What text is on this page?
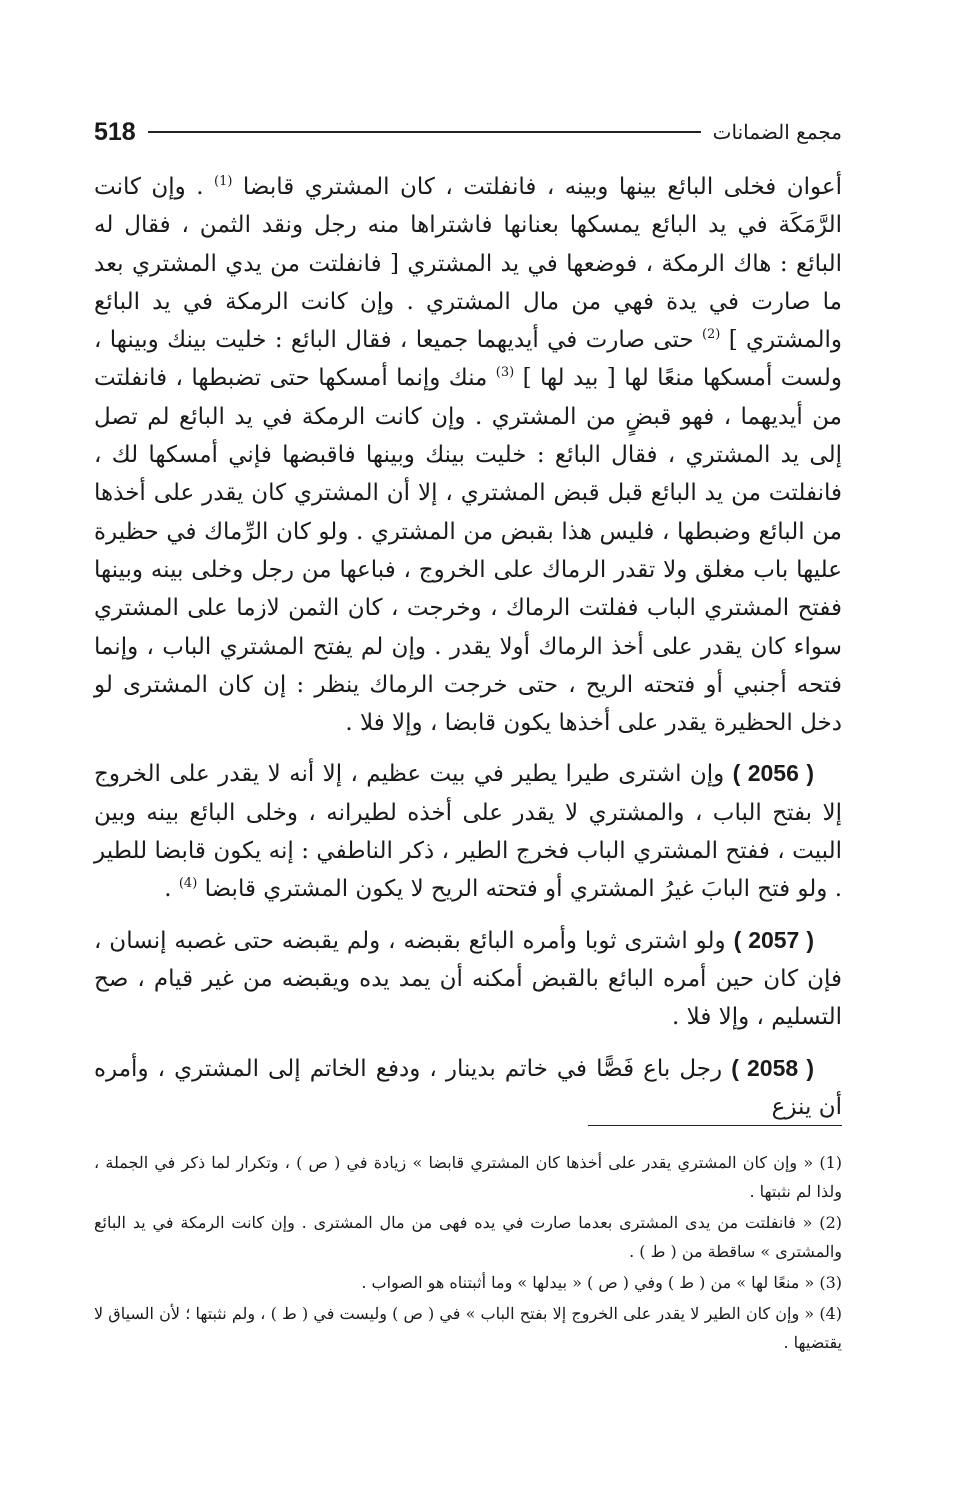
518	مجمع الضمانات

أعوان فخلى البائع بينها وبينه ، فانفلتت ، كان المشتري قابضا $^{(1)}$ . وإن كانت الرَّمَكَة في يد البائع يمسكها بعنانها فاشتراها منه رجل ونقد الثمن ، فقال له البائع : هاك الرمكة ، فوضعها في يد المشتري [ فانفلتت من يدي المشتري بعد ما صارت في يدة فهي من مال المشتري . وإن كانت الرمكة في يد البائع والمشتري ] $^{(2)}$ حتى صارت في أيديهما جميعا ، فقال البائع : خليت بينك وبينها ، ولست أمسكها منعًا لها [ بيد لها ] $^{(3)}$ منك وإنما أمسكها حتى تضبطها ، فانفلتت من أيديهما ، فهو قبضٍ من المشتري . وإن كانت الرمكة في يد البائع لم تصل إلى يد المشتري ، فقال البائع : خليت بينك وبينها فاقبضها فإني أمسكها لك ، فانفلتت من يد البائع قبل قبض المشتري ، إلا أن المشتري كان يقدر على أخذها من البائع وضبطها ، فليس هذا بقبض من المشتري . ولو كان الرِّماك في حظيرة عليها باب مغلق ولا تقدر الرماك على الخروج ، فباعها من رجل وخلى بينه وبينها ففتح المشتري الباب ففلتت الرماك ، وخرجت ، كان الثمن لازما على المشتري سواء كان يقدر على أخذ الرماك أولا يقدر . وإن لم يفتح المشتري الباب ، وإنما فتحه أجنبي أو فتحته الريح ، حتى خرجت الرماك ينظر : إن كان المشترى لو دخل الحظيرة يقدر على أخذها يكون قابضا ، وإلا فلا .

( 2056 ) وإن اشترى طيرا يطير في بيت عظيم ، إلا أنه لا يقدر على الخروج إلا بفتح الباب ، والمشتري لا يقدر على أخذه لطيرانه ، وخلى البائع بينه وبين البيت ، ففتح المشتري الباب فخرج الطير ، ذكر الناطفي : إنه يكون قابضا للطير . ولو فتح البابَ غيرُ المشتري أو فتحته الريح لا يكون المشتري قابضا $^{(4)}$ .

( 2057 ) ولو اشترى ثوبا وأمره البائع بقبضه ، ولم يقبضه حتى غصبه إنسان ، فإن كان حين أمره البائع بالقبض أمكنه أن يمد يده ويقبضه من غير قيام ، صح التسليم ، وإلا فلا .

( 2058 ) رجل باع فَصًّا في خاتم بدينار ، ودفع الخاتم إلى المشتري ، وأمره أن ينزع

(1) « وإن كان المشتري يقدر على أخذها كان المشتري قابضا » زيادة في ( ص ) ، وتكرار لما ذكر في الجملة ، ولذا لم نثبتها .

(2) « فانفلتت من يدى المشترى بعدما صارت في يده فهى من مال المشترى . وإن كانت الرمكة في يد البائع والمشترى » ساقطة من ( ط ) .

(3) « منعًا لها » من ( ط ) وفي ( ص ) « بيدلها » وما أثبتناه هو الصواب .

(4) « وإن كان الطير لا يقدر على الخروج إلا بفتح الباب » في ( ص ) وليست في ( ط ) ، ولم نثبتها ؛ لأن السياق لا يقتضيها .
